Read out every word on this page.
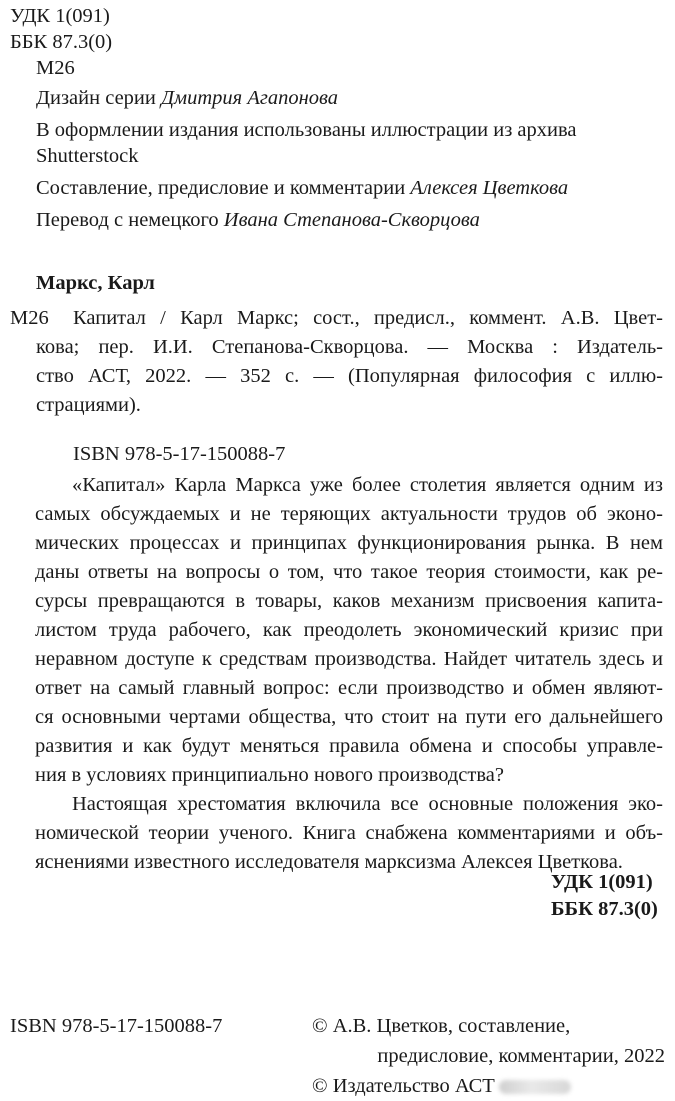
УДК 1(091)
ББК 87.3(0)
М26
Дизайн серии Дмитрия Агапонова
В оформлении издания использованы иллюстрации из архива
Shutterstock
Составление, предисловие и комментарии Алексея Цветкова
Перевод с немецкого Ивана Степанова-Скворцова
Маркс, Карл
М26 Капитал / Карл Маркс; сост., предисл., коммент. А.В. Цвет-
кова; пер. И.И. Степанова-Скворцова. — Москва : Издатель-
ство АСТ, 2022. — 352 с. — (Популярная философия с иллю-
страциями).
ISBN 978-5-17-150088-7
«Капитал» Карла Маркса уже более столетия является одним из
самых обсуждаемых и не теряющих актуальности трудов об эконо-
мических процессах и принципах функционирования рынка. В нем
даны ответы на вопросы о том, что такое теория стоимости, как ре-
сурсы превращаются в товары, каков механизм присвоения капита-
листом труда рабочего, как преодолеть экономический кризис при
неравном доступе к средствам производства. Найдет читатель здесь и
ответ на самый главный вопрос: если производство и обмен являют-
ся основными чертами общества, что стоит на пути его дальнейшего
развития и как будут меняться правила обмена и способы управле-
ния в условиях принципиально нового производства?
Настоящая хрестоматия включила все основные положения эко-
номической теории ученого. Книга снабжена комментариями и объ-
яснениями известного исследователя марксизма Алексея Цветкова.
УДК 1(091)
ББК 87.3(0)
ISBN 978-5-17-150088-7	© А.В. Цветков, составление,
предисловие, комментарии, 2022
© Издательство АСТ
